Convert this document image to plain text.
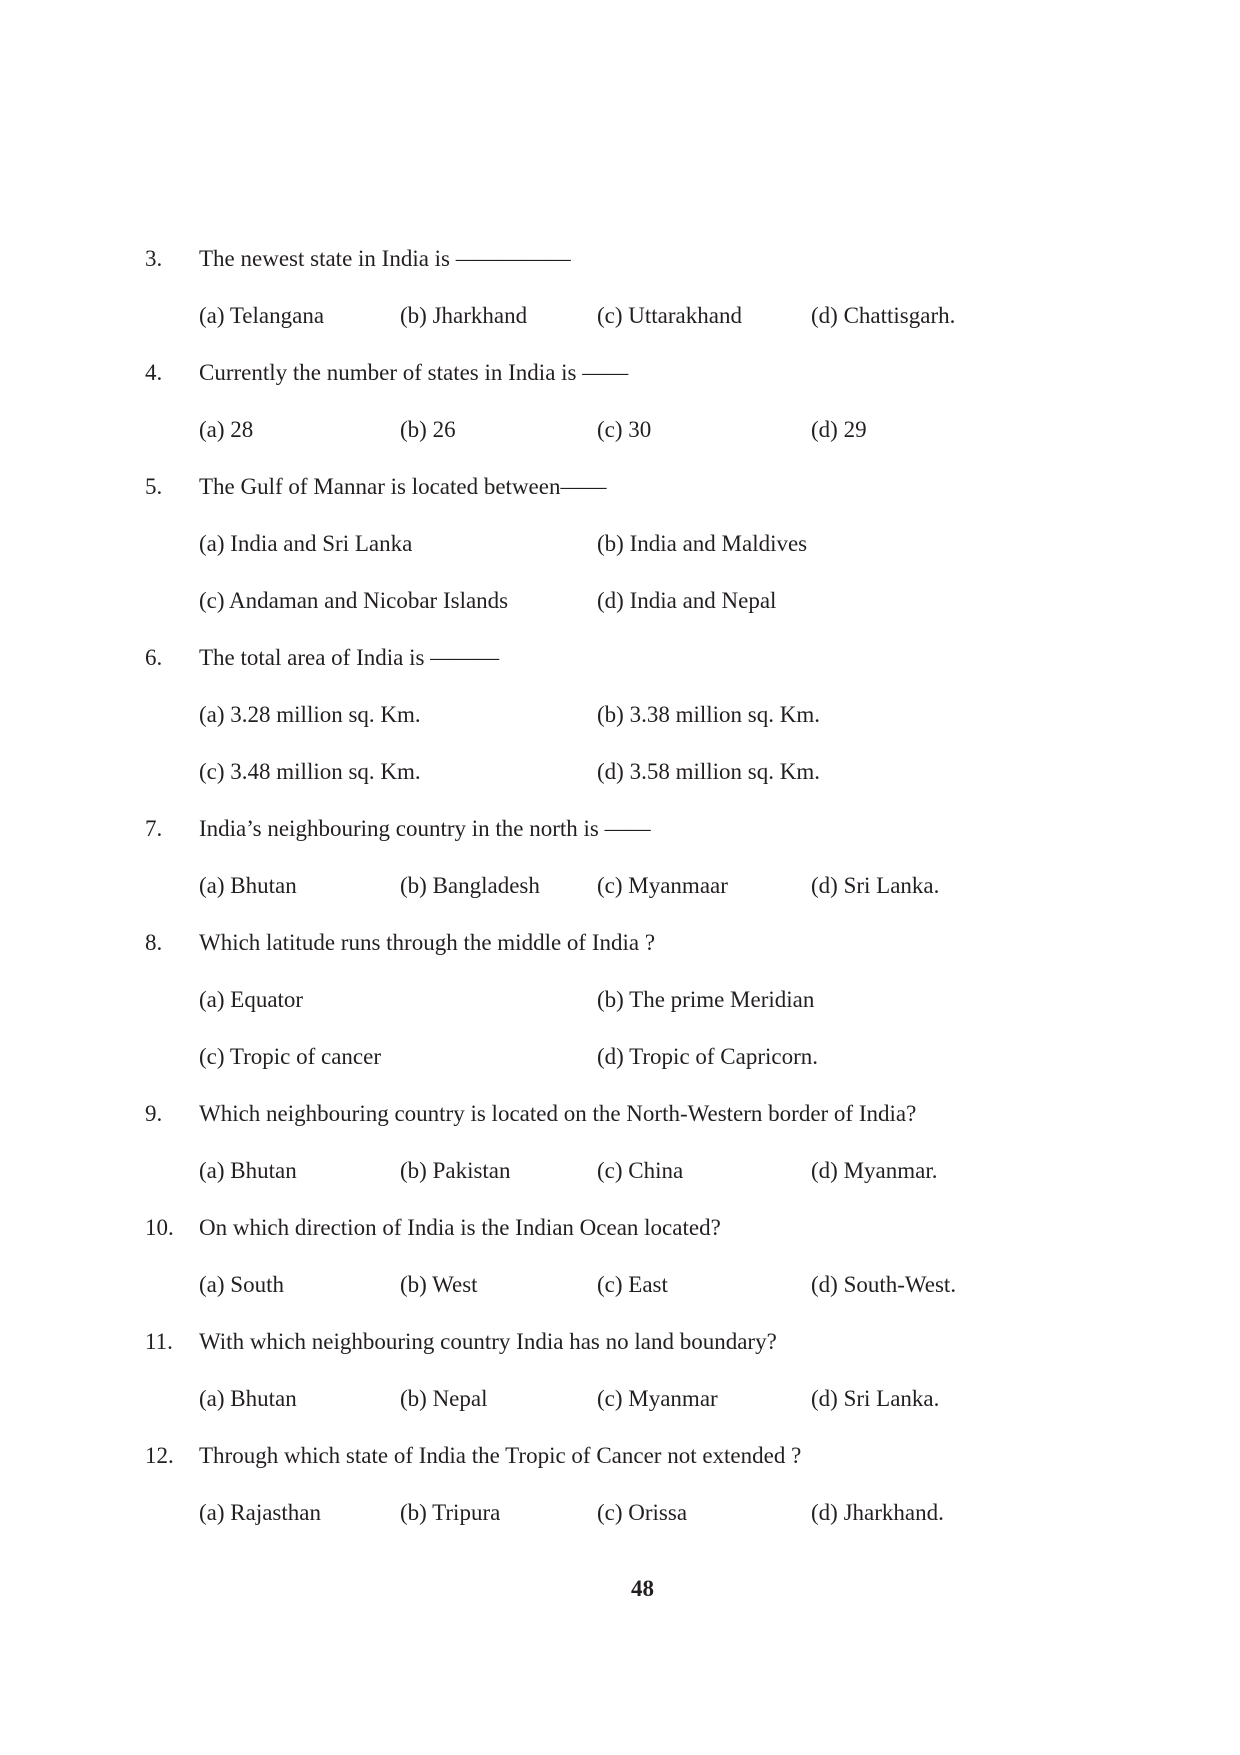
3. The newest state in India is —————
(a) Telangana	(b) Jharkhand	(c) Uttarakhand	(d) Chattisgarh.
4. Currently the number of states in India is ——
(a) 28	(b) 26	(c) 30	(d) 29
5. The Gulf of Mannar is located between——
(a) India and Sri Lanka	(b) India and Maldives
(c) Andaman and Nicobar Islands	(d) India and Nepal
6. The total area of India is ———
(a) 3.28 million sq. Km.	(b) 3.38 million sq. Km.
(c) 3.48 million sq. Km.	(d) 3.58 million sq. Km.
7. India’s neighbouring country in the north is ——
(a) Bhutan	(b) Bangladesh (c) Myanmaar	(d) Sri Lanka.
8. Which latitude runs through the middle of India ?
(a) Equator	(b) The prime Meridian
(c) Tropic of cancer	(d) Tropic of Capricorn.
9. Which neighbouring country is located on the North-Western border of India?
(a) Bhutan	(b) Pakistan	(c) China	(d) Myanmar.
10. On which direction of India is the Indian Ocean located?
(a) South	(b) West	(c) East	(d) South-West.
11. With which neighbouring country India has no land boundary?
(a) Bhutan	(b) Nepal	(c) Myanmar	(d) Sri Lanka.
12. Through which state of India the Tropic of Cancer not extended ?
(a) Rajasthan	(b) Tripura	(c) Orissa	(d) Jharkhand.
48
